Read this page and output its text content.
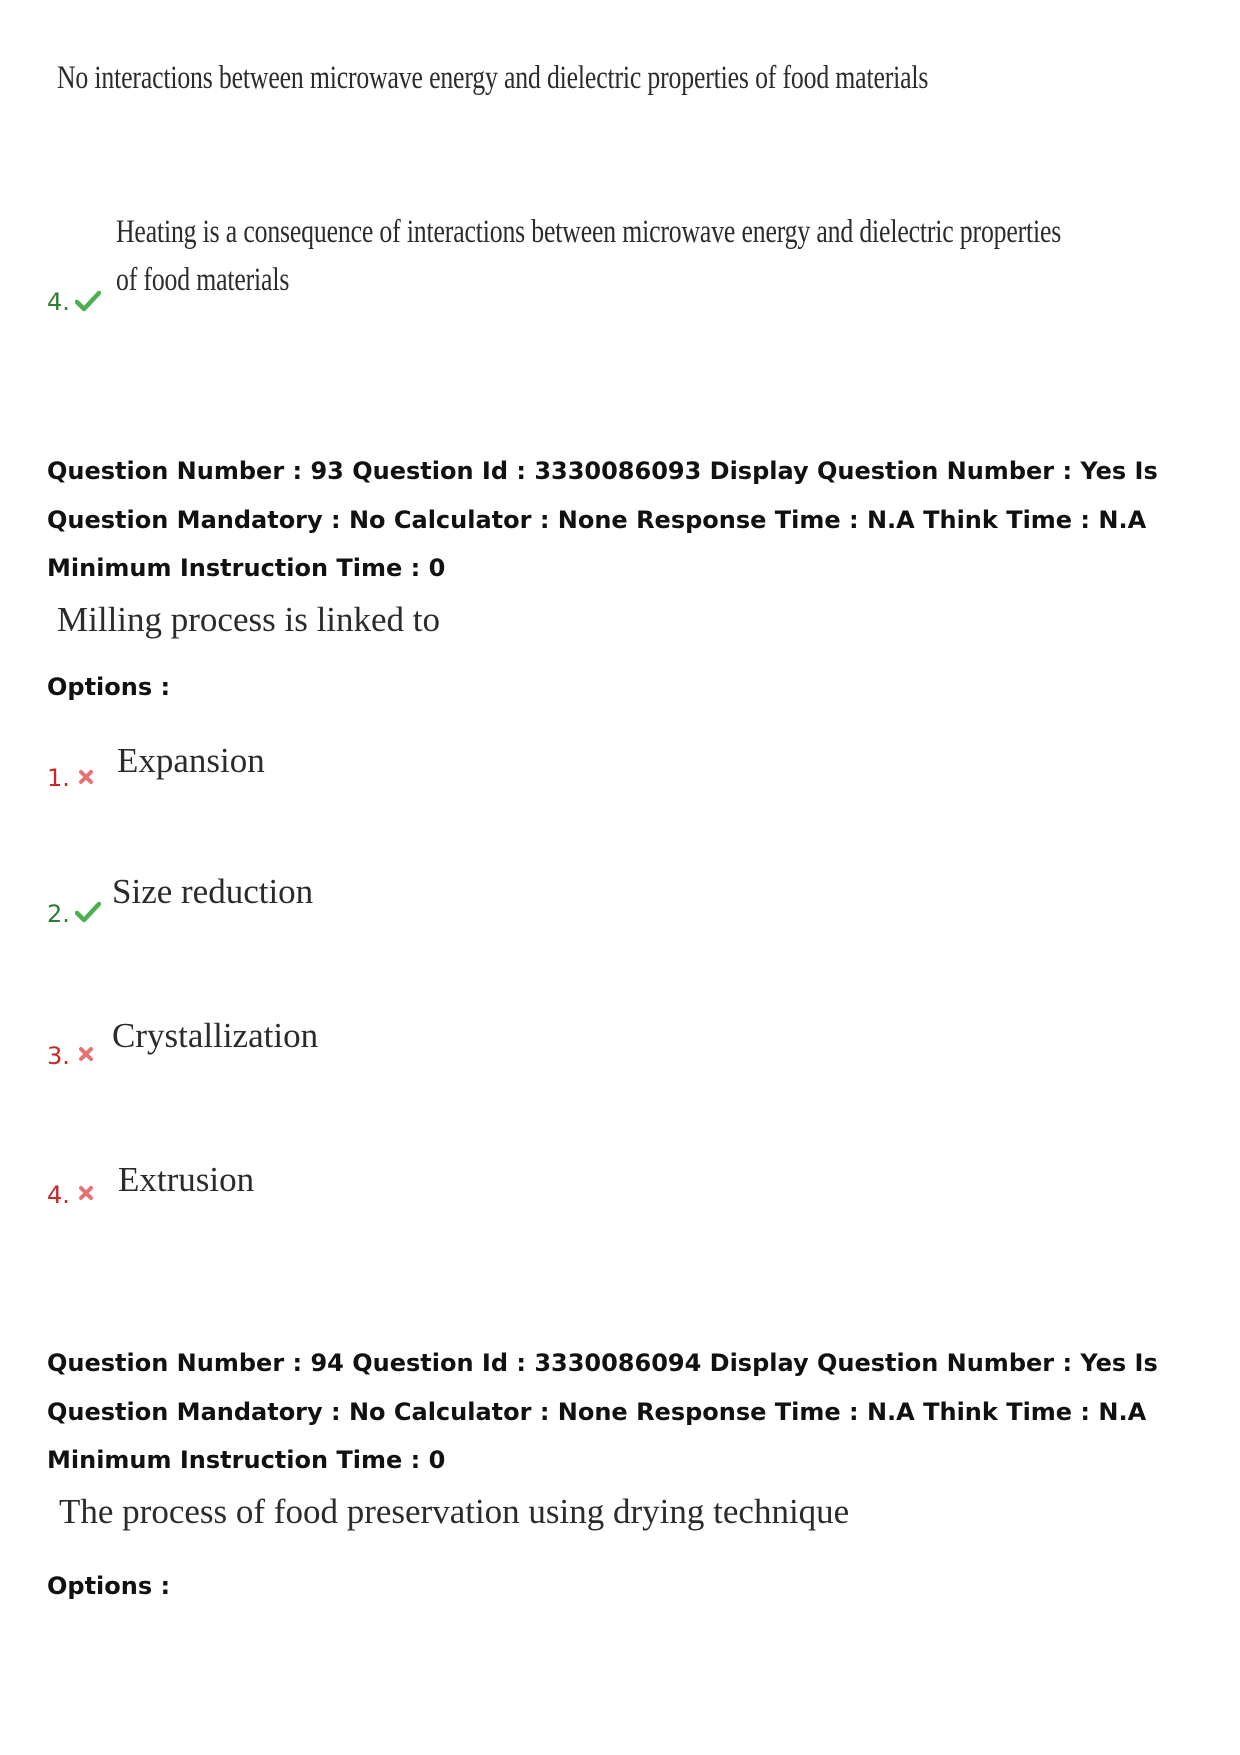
No interactions between microwave energy and dielectric properties of food materials
Heating is a consequence of interactions between microwave energy and dielectric properties
of food materials
4.
Question Number : 93 Question Id : 3330086093 Display Question Number : Yes Is Question Mandatory : No Calculator : None Response Time : N.A Think Time : N.A Minimum Instruction Time : 0
Milling process is linked to
Options :
1. Expansion
2.
Size reduction
3.
Crystallization
4. Extrusion
Question Number : 94 Question Id : 3330086094 Display Question Number : Yes Is Question Mandatory : No Calculator : None Response Time : N.A Think Time : N.A Minimum Instruction Time : 0
The process of food preservation using drying technique
Options :
